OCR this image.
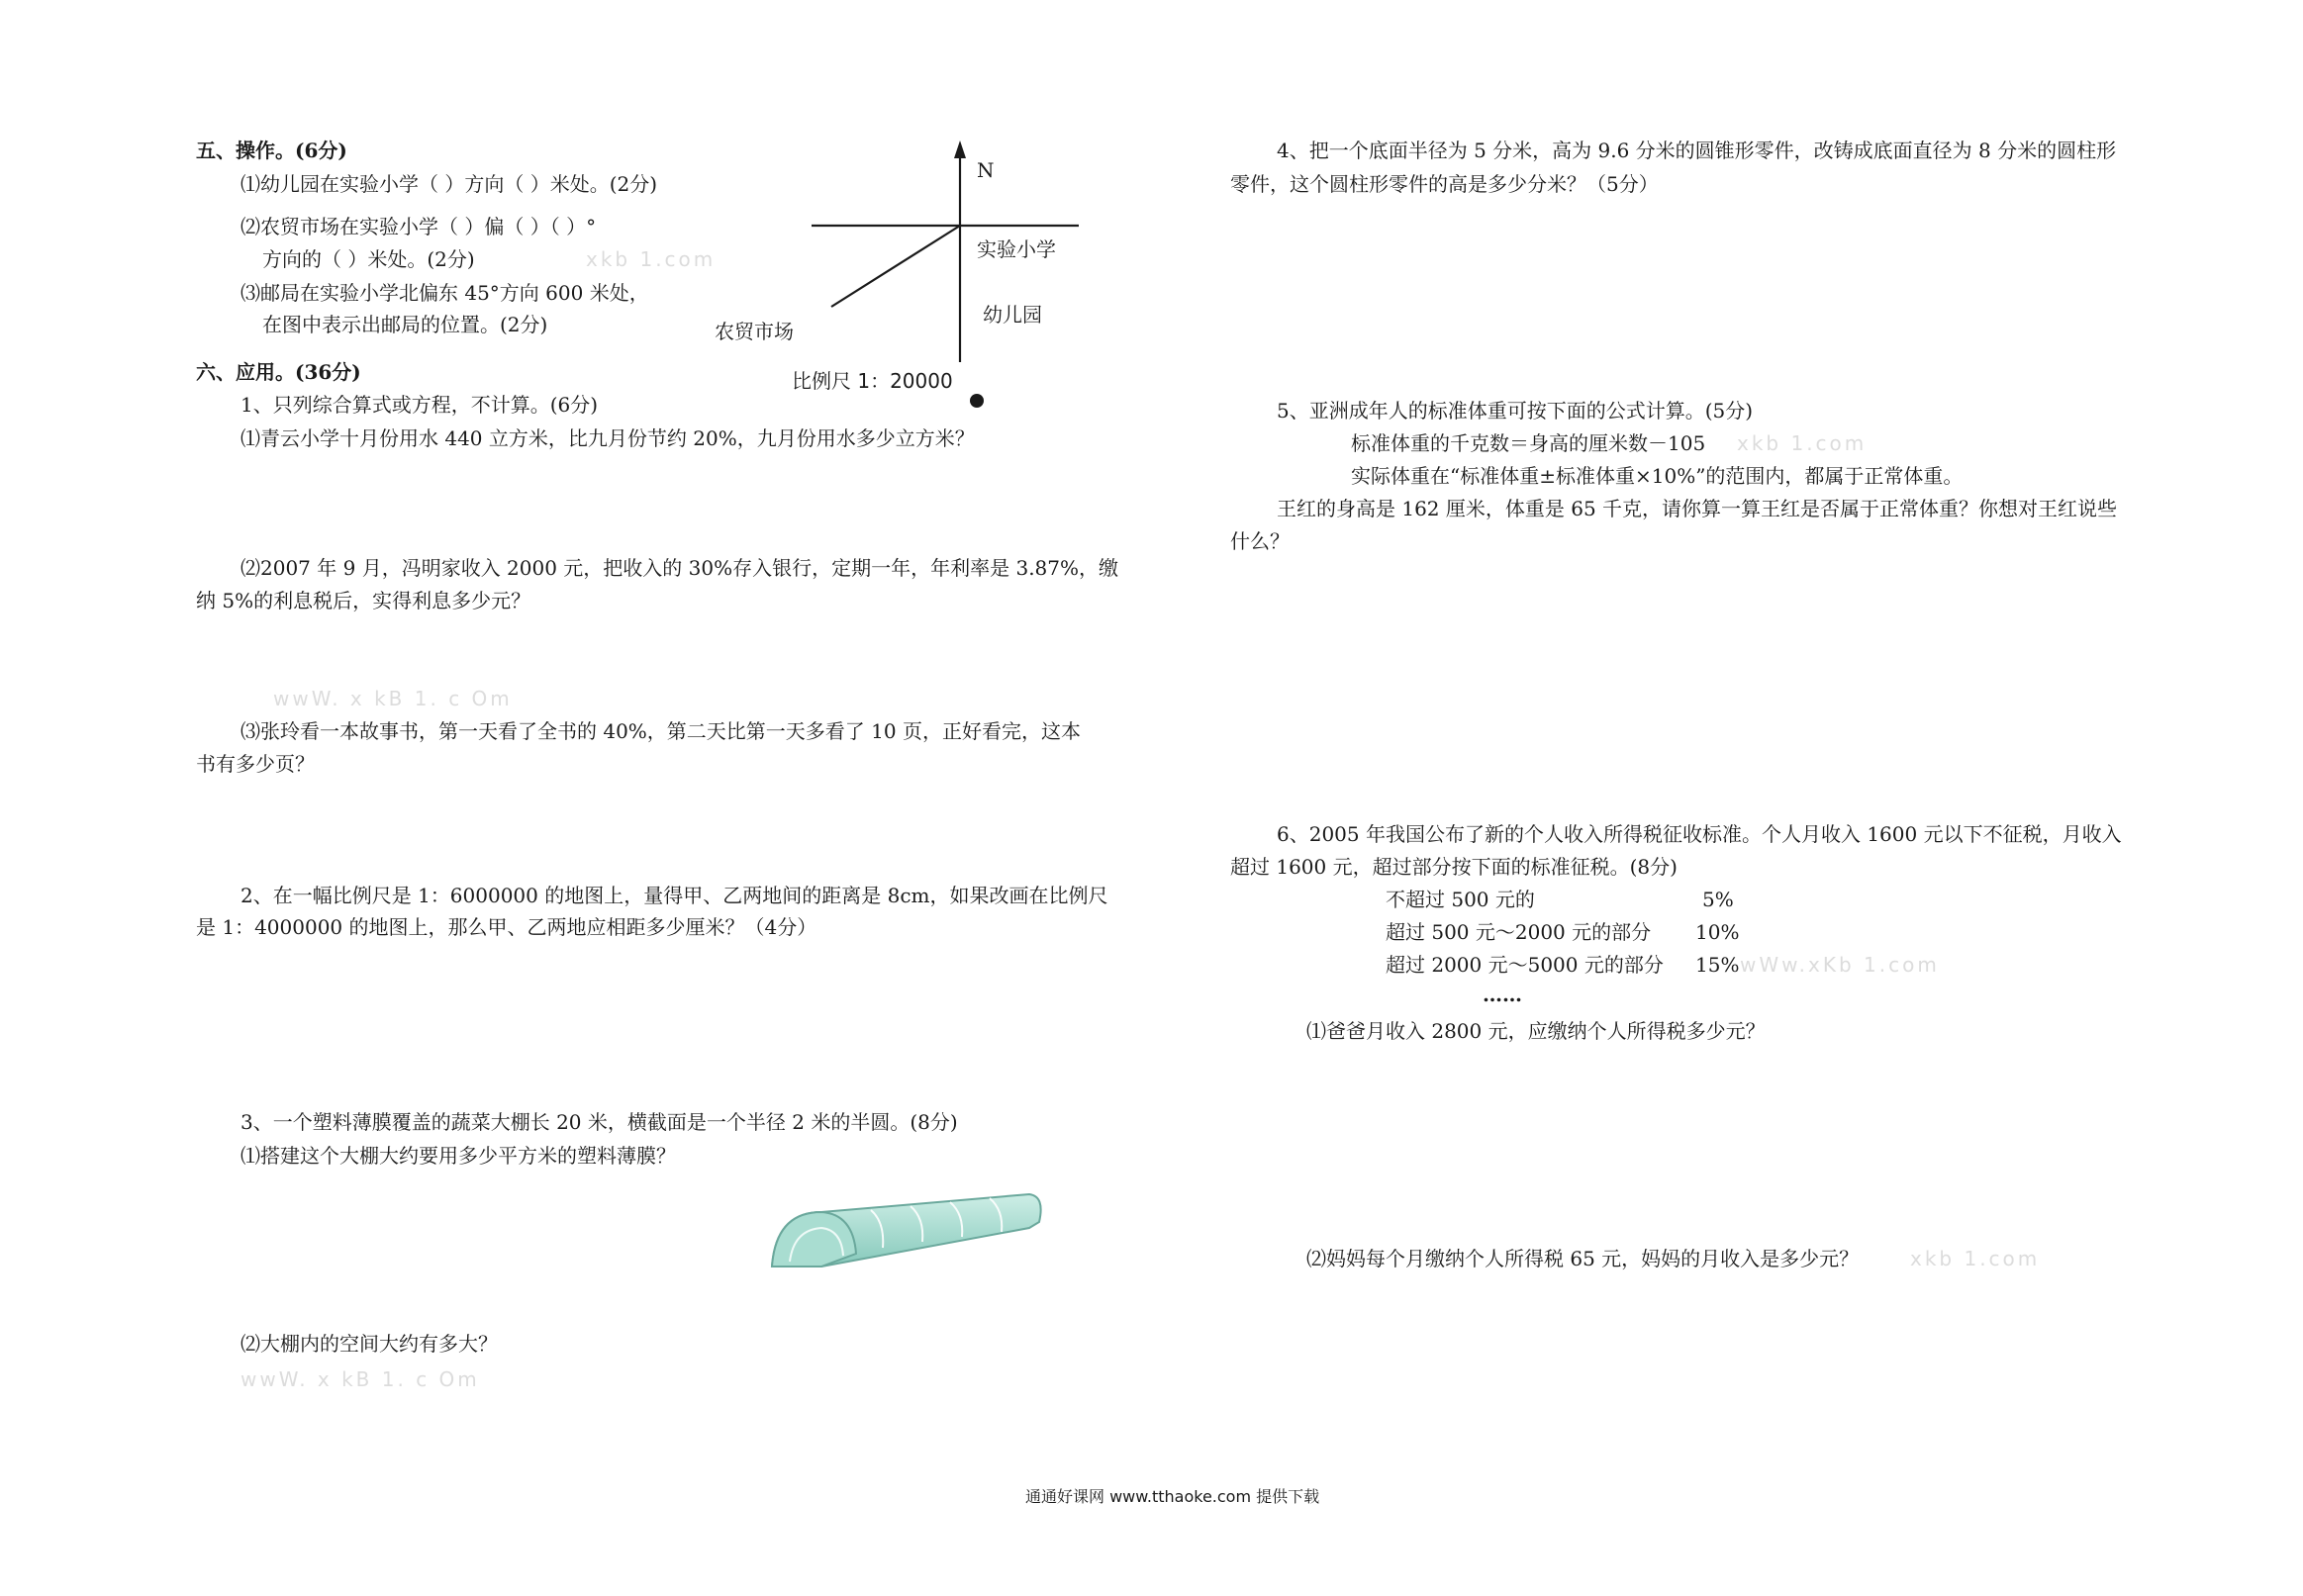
五、操作。(6分)
⑴幼儿园在实验小学（ ）方向（ ）米处。(2分)
⑵农贸市场在实验小学（ ）偏（ ）（ ）°
方向的（ ）米处。(2分)	xkb 1.com
⑶邮局在实验小学北偏东 45°方向 600 米处，
在图中表示出邮局的位置。(2分)
N
实验小学
幼儿园
农贸市场
比例尺 1：20000
六、应用。(36分)
1、只列综合算式或方程，不计算。(6分)
⑴青云小学十月份用水 440 立方米，比九月份节约 20%，九月份用水多少立方米？
⑵2007 年 9 月，冯明家收入 2000 元，把收入的 30%存入银行，定期一年，年利率是 3.87%，缴
纳 5%的利息税后，实得利息多少元？
wwW. x kB 1. c Om
⑶张玲看一本故事书，第一天看了全书的 40%，第二天比第一天多看了 10 页，正好看完，这本
书有多少页？
2、在一幅比例尺是 1：6000000 的地图上，量得甲、乙两地间的距离是 8cm，如果改画在比例尺
是 1：4000000 的地图上，那么甲、乙两地应相距多少厘米？（4分）
3、一个塑料薄膜覆盖的蔬菜大棚长 20 米，横截面是一个半径 2 米的半圆。(8分)
⑴搭建这个大棚大约要用多少平方米的塑料薄膜？
⑵大棚内的空间大约有多大？
wwW. x kB 1. c Om
4、把一个底面半径为 5 分米，高为 9.6 分米的圆锥形零件，改铸成底面直径为 8 分米的圆柱形
零件，这个圆柱形零件的高是多少分米？（5分）
5、亚洲成年人的标准体重可按下面的公式计算。(5分)
标准体重的千克数＝身高的厘米数－105 xkb 1.com
实际体重在“标准体重±标准体重×10%”的范围内，都属于正常体重。
王红的身高是 162 厘米，体重是 65 千克，请你算一算王红是否属于正常体重？你想对王红说些
什么？
6、2005 年我国公布了新的个人收入所得税征收标准。个人月收入 1600 元以下不征税，月收入
超过 1600 元，超过部分按下面的标准征税。(8分)
不超过 500 元的	5%
超过 500 元～2000 元的部分 10%
超过 2000 元～5000 元的部分 15% wWw.xKb 1.com
……
⑴爸爸月收入 2800 元，应缴纳个人所得税多少元？
⑵妈妈每个月缴纳个人所得税 65 元，妈妈的月收入是多少元？	xkb 1.com
通通好课网 www.tthaoke.com 提供下载
